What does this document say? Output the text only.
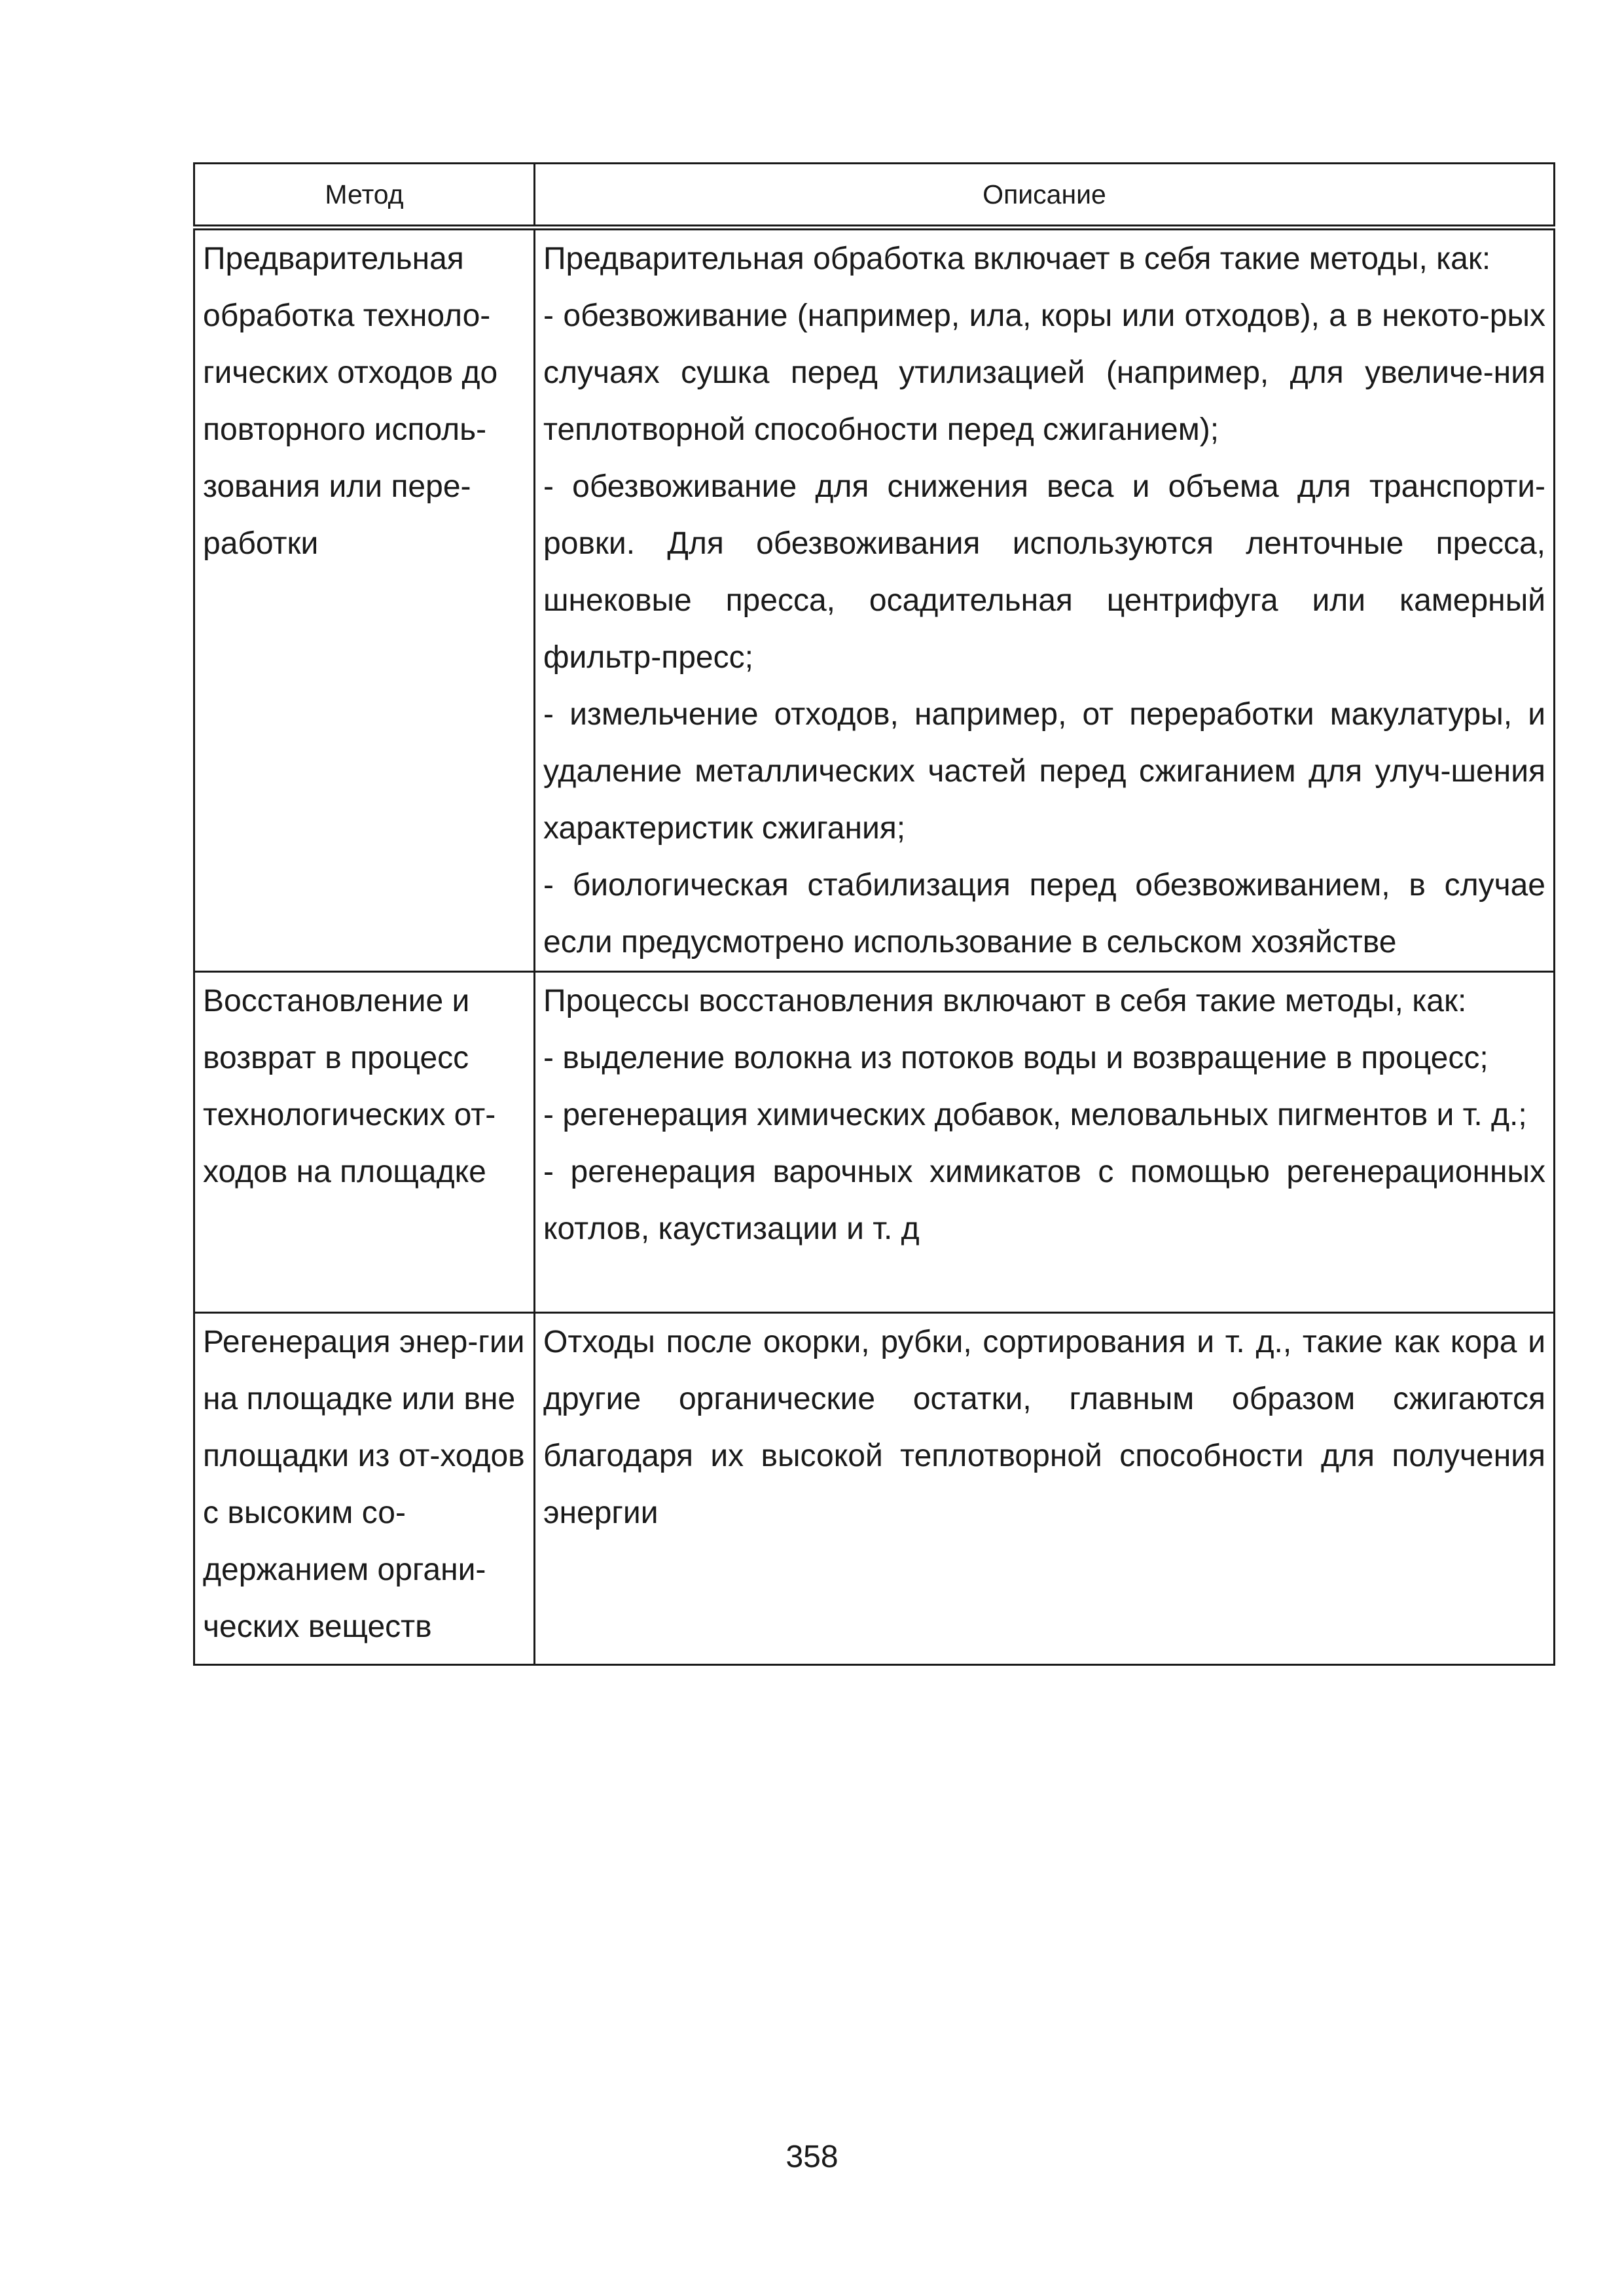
Метод	Описание

Предварительная обработка техноло-гических отходов до повторного исполь-зования или пере-работки	Предварительная обработка включает в себя такие методы, как:
- обезвоживание (например, ила, коры или отходов), а в некото-рых случаях сушка перед утилизацией (например, для увеличе-ния теплотворной способности перед сжиганием);
- обезвоживание для снижения веса и объема для транспорти-ровки. Для обезвоживания используются ленточные пресса, шнековые пресса, осадительная центрифуга или камерный фильтр-пресс;
- измельчение отходов, например, от переработки макулатуры, и удаление металлических частей перед сжиганием для улуч-шения характеристик сжигания;
- биологическая стабилизация перед обезвоживанием, в случае если предусмотрено использование в сельском хозяйстве

Восстановление и возврат в процесс технологических от-ходов на площадке	Процессы восстановления включают в себя такие методы, как:
- выделение волокна из потоков воды и возвращение в процесс;
- регенерация химических добавок, меловальных пигментов и т. д.;
- регенерация варочных химикатов с помощью регенерационных котлов, каустизации и т. д

Регенерация энер-гии на площадке или вне площадки из от-ходов с высоким со-держанием органи-ческих веществ	Отходы после окорки, рубки, сортирования и т. д., такие как кора и другие органические остатки, главным образом сжигаются благодаря их высокой теплотворной способности для получения энергии
358
